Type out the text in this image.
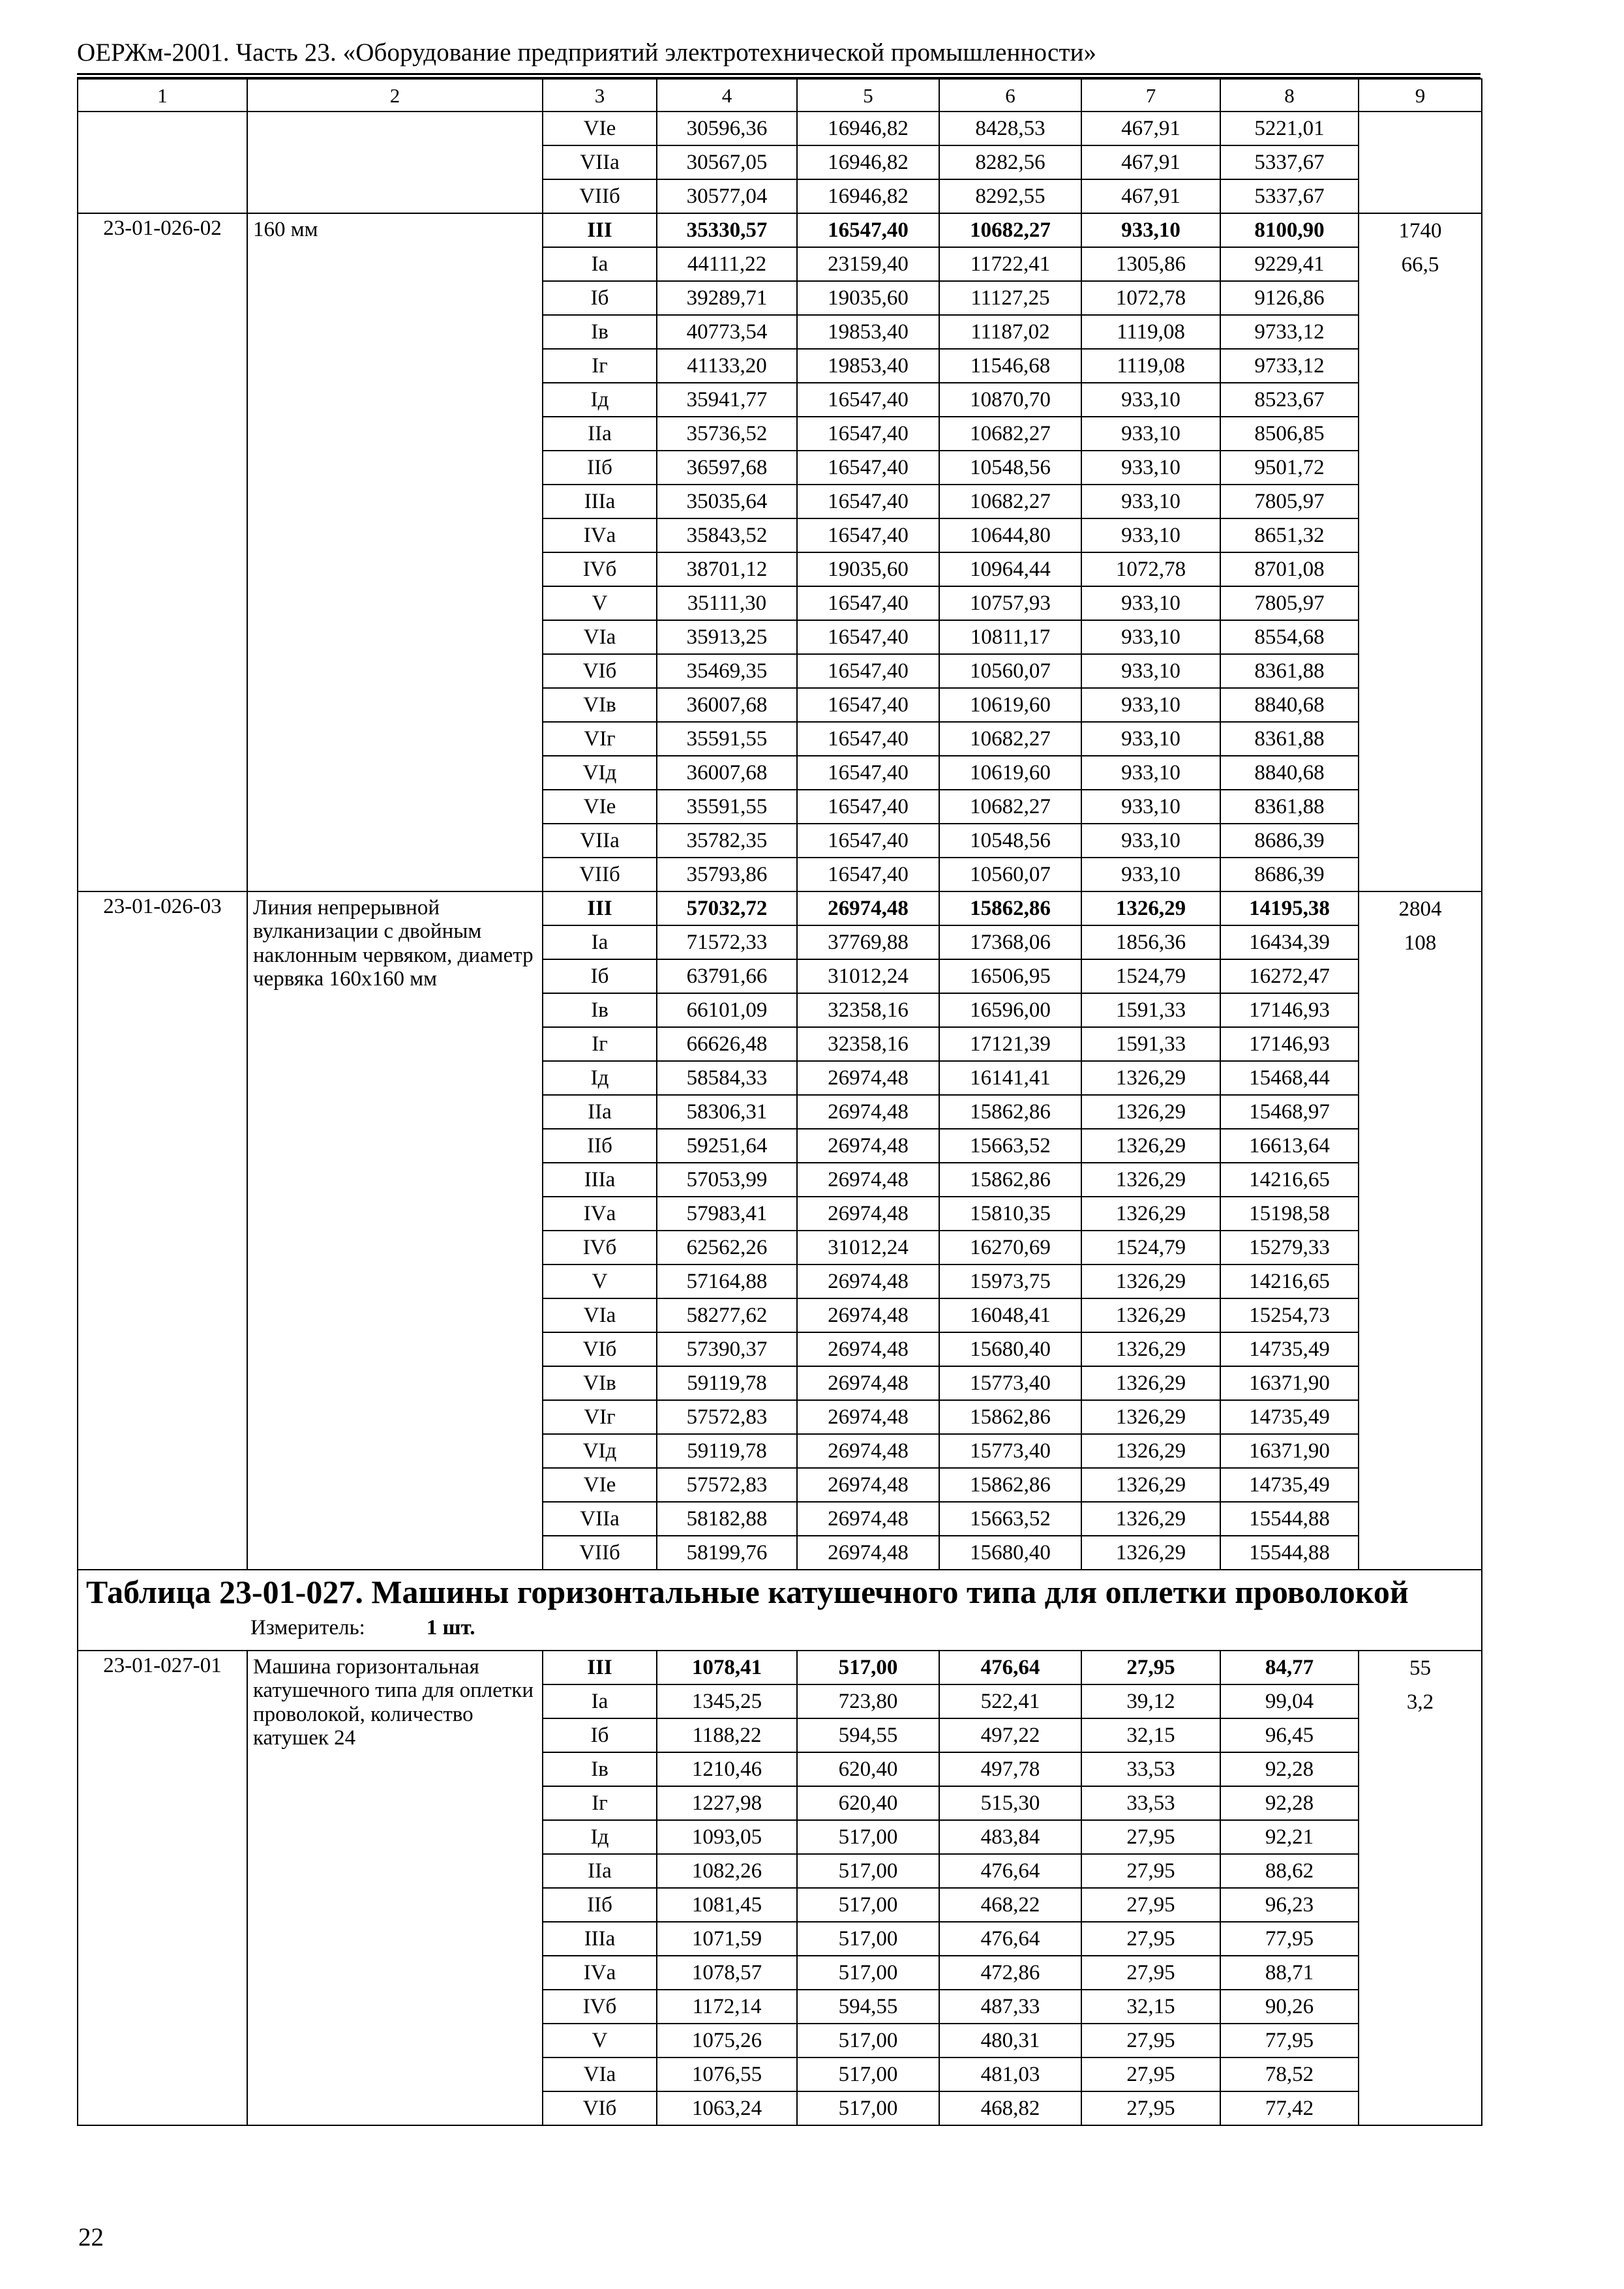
ОЕРЖм-2001. Часть 23. «Оборудование предприятий электротехнической промышленности»
1	2	3	4	5	6	7	8	9
		VIе	30596,36	16946,82	8428,53	467,91	5221,01	
		VIIа	30567,05	16946,82	8282,56	467,91	5337,67	
		VIIб	30577,04	16946,82	8292,55	467,91	5337,67	
23-01-026-02	160 мм	III	35330,57	16547,40	10682,27	933,10	8100,90	1740
66,5

		Iа	44111,22	23159,40	11722,41	1305,86	9229,41	
		Iб	39289,71	19035,60	11127,25	1072,78	9126,86	
		Iв	40773,54	19853,40	11187,02	1119,08	9733,12	
		Iг	41133,20	19853,40	11546,68	1119,08	9733,12	
		Iд	35941,77	16547,40	10870,70	933,10	8523,67	
		IIа	35736,52	16547,40	10682,27	933,10	8506,85	
		IIб	36597,68	16547,40	10548,56	933,10	9501,72	
		IIIа	35035,64	16547,40	10682,27	933,10	7805,97	
		IVа	35843,52	16547,40	10644,80	933,10	8651,32	
		IVб	38701,12	19035,60	10964,44	1072,78	8701,08	
		V	35111,30	16547,40	10757,93	933,10	7805,97	
		VIа	35913,25	16547,40	10811,17	933,10	8554,68	
		VIб	35469,35	16547,40	10560,07	933,10	8361,88	
		VIв	36007,68	16547,40	10619,60	933,10	8840,68	
		VIг	35591,55	16547,40	10682,27	933,10	8361,88	
		VIд	36007,68	16547,40	10619,60	933,10	8840,68	
		VIе	35591,55	16547,40	10682,27	933,10	8361,88	
		VIIа	35782,35	16547,40	10548,56	933,10	8686,39	
		VIIб	35793,86	16547,40	10560,07	933,10	8686,39	
23-01-026-03	Линия непрерывной вулканизации с двойным наклонным червяком, диаметр червяка 160х160 мм	III	57032,72	26974,48	15862,86	1326,29	14195,38	2804
108

		Iа	71572,33	37769,88	17368,06	1856,36	16434,39	
		Iб	63791,66	31012,24	16506,95	1524,79	16272,47	
		Iв	66101,09	32358,16	16596,00	1591,33	17146,93	
		Iг	66626,48	32358,16	17121,39	1591,33	17146,93	
		Iд	58584,33	26974,48	16141,41	1326,29	15468,44	
		IIа	58306,31	26974,48	15862,86	1326,29	15468,97	
		IIб	59251,64	26974,48	15663,52	1326,29	16613,64	
		IIIа	57053,99	26974,48	15862,86	1326,29	14216,65	
		IVа	57983,41	26974,48	15810,35	1326,29	15198,58	
		IVб	62562,26	31012,24	16270,69	1524,79	15279,33	
		V	57164,88	26974,48	15973,75	1326,29	14216,65	
		VIа	58277,62	26974,48	16048,41	1326,29	15254,73	
		VIб	57390,37	26974,48	15680,40	1326,29	14735,49	
		VIв	59119,78	26974,48	15773,40	1326,29	16371,90	
		VIг	57572,83	26974,48	15862,86	1326,29	14735,49	
		VIд	59119,78	26974,48	15773,40	1326,29	16371,90	
		VIе	57572,83	26974,48	15862,86	1326,29	14735,49	
		VIIа	58182,88	26974,48	15663,52	1326,29	15544,88	
		VIIб	58199,76	26974,48	15680,40	1326,29	15544,88	

Таблица 23-01-027. Машины горизонтальные катушечного типа для оплетки проволокой
Измеритель: 1 шт.								

23-01-027-01	Машина горизонтальная катушечного типа для оплетки проволокой, количество катушек 24	III	1078,41	517,00	476,64	27,95	84,77	55
3,2

		Iа	1345,25	723,80	522,41	39,12	99,04	
		Iб	1188,22	594,55	497,22	32,15	96,45	
		Iв	1210,46	620,40	497,78	33,53	92,28	
		Iг	1227,98	620,40	515,30	33,53	92,28	
		Iд	1093,05	517,00	483,84	27,95	92,21	
		IIа	1082,26	517,00	476,64	27,95	88,62	
		IIб	1081,45	517,00	468,22	27,95	96,23	
		IIIа	1071,59	517,00	476,64	27,95	77,95	
		IVа	1078,57	517,00	472,86	27,95	88,71	
		IVб	1172,14	594,55	487,33	32,15	90,26	
		V	1075,26	517,00	480,31	27,95	77,95	
		VIа	1076,55	517,00	481,03	27,95	78,52	
		VIб	1063,24	517,00	468,82	27,95	77,42	
22
